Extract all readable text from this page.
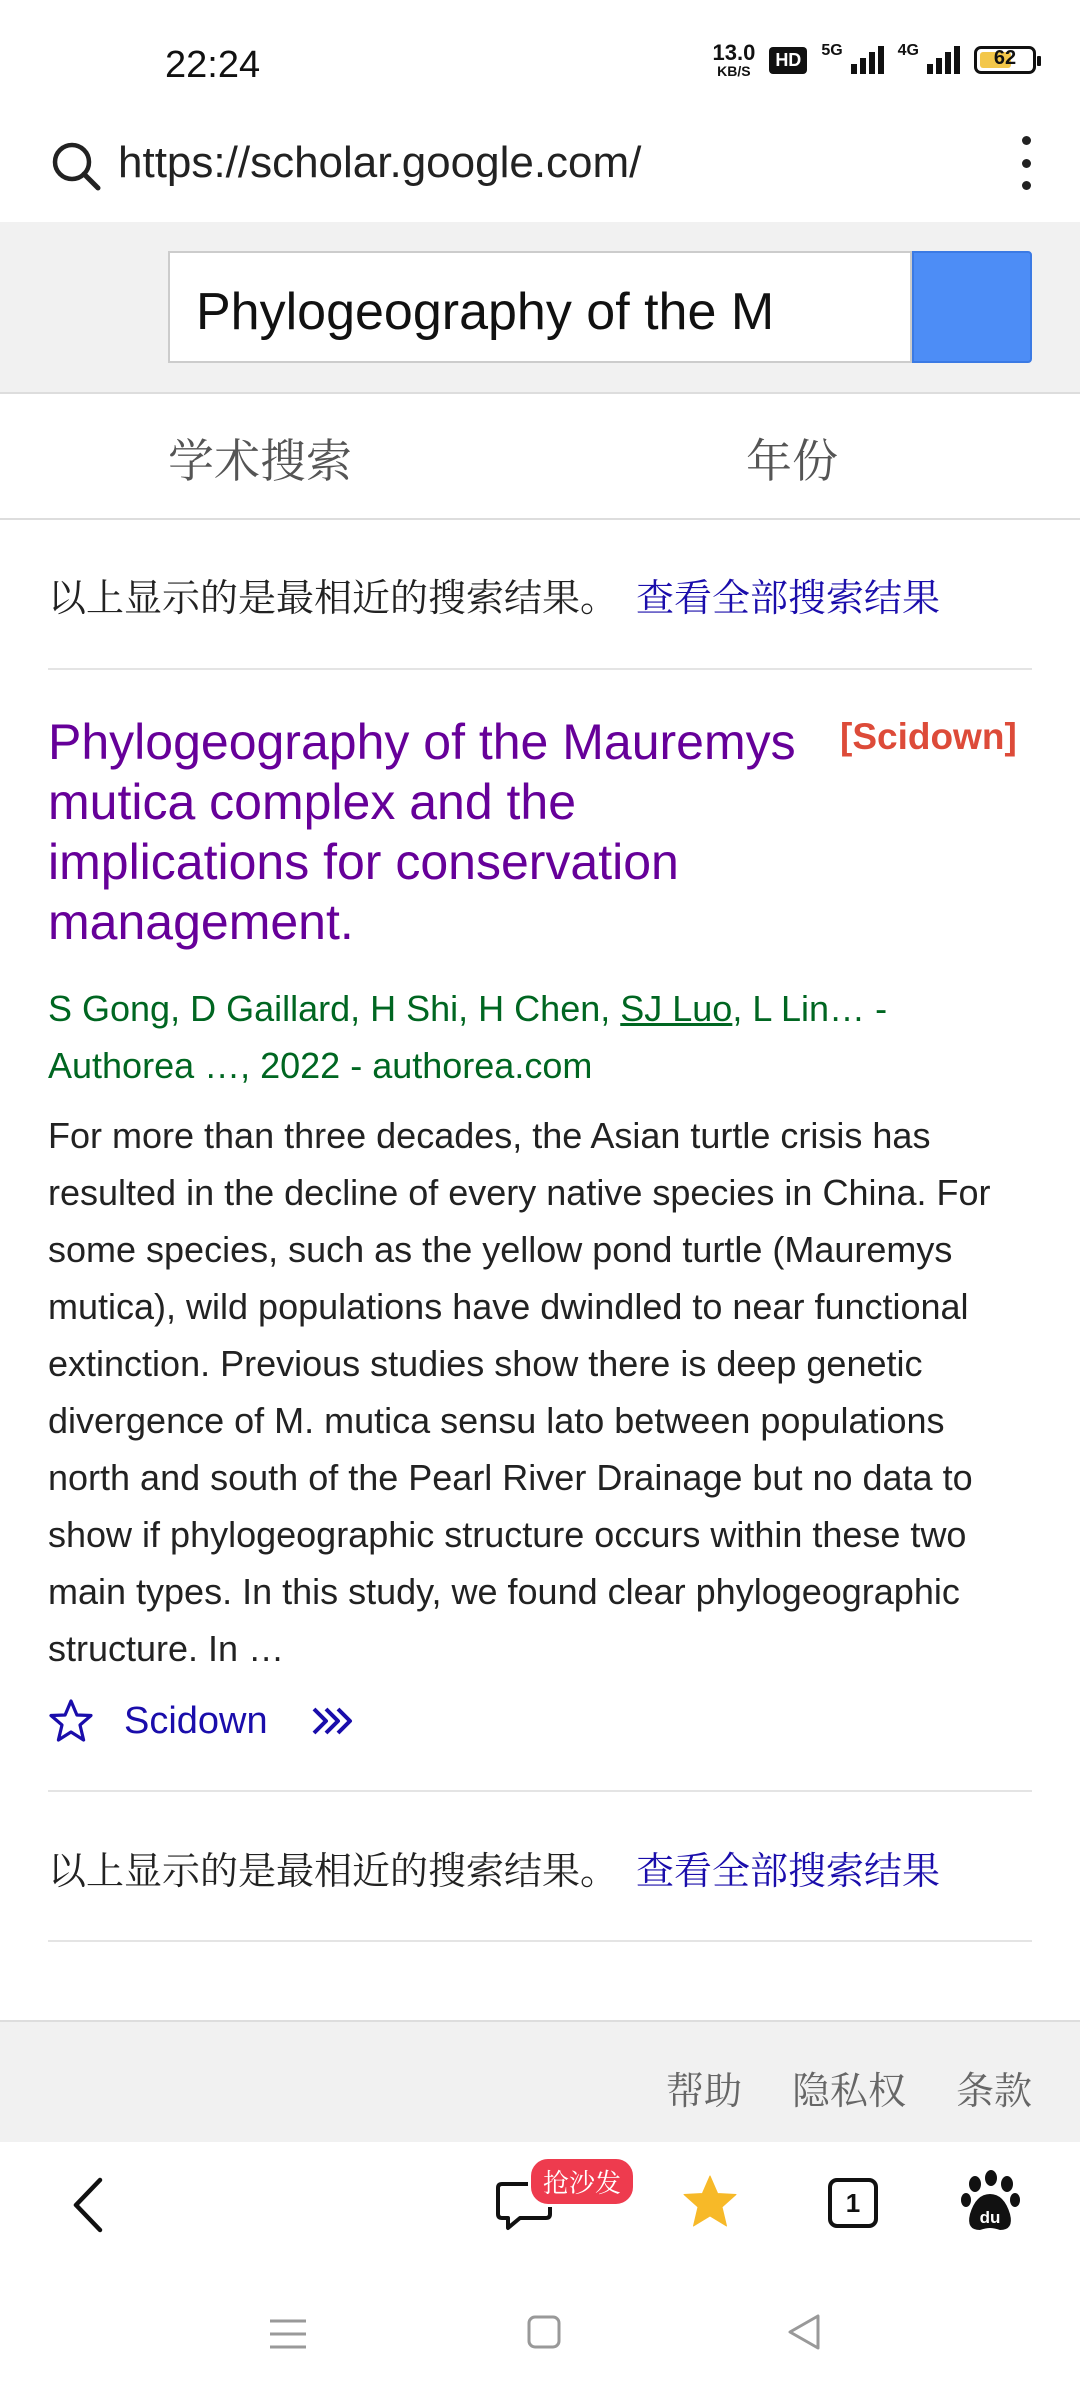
22:24	13.0
KB/S
HD	5G	4G	62
https://scholar.google.com/
Phylogeography of the M
学术搜索	年份
以上显示的是最相近的搜索结果。 查看全部搜索结果
Phylogeography of the Mauremys mutica complex and the implications for conservation management.
[Scidown]
S Gong, D Gaillard, H Shi, H Chen, SJ Luo, L Lin… - Authorea …, 2022 - authorea.com
For more than three decades, the Asian turtle crisis has resulted in the decline of every native species in China. For some species, such as the yellow pond turtle (Mauremys mutica), wild populations have dwindled to near functional extinction. Previous studies show there is deep genetic divergence of M. mutica sensu lato between populations north and south of the Pearl River Drainage but no data to show if phylogeographic structure occurs within these two main types. In this study, we found clear phylogeographic structure. In …
Scidown
以上显示的是最相近的搜索结果。 查看全部搜索结果
帮助 隐私权 条款
抢沙发
1	du
